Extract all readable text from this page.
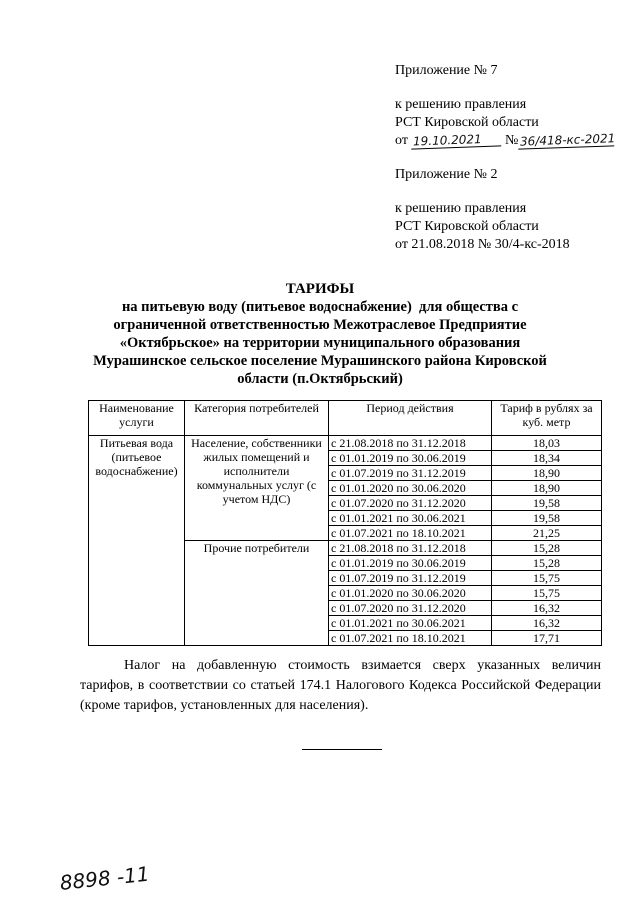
Приложение № 7
к решению правления
РСТ Кировской области
от 19.10.2021 № 36/418-кс-2021
Приложение № 2
к решению правления
РСТ Кировской области
от 21.08.2018 № 30/4-кс-2018
ТАРИФЫ
на питьевую воду (питьевое водоснабжение)  для общества с
ограниченной ответственностью Межотраслевое Предприятие
«Октябрьское» на территории муниципального образования
Мурашинское сельское поселение Мурашинского района Кировской
области (п.Октябрьский)
Наименование услуги	Категория потребителей	Период действия	Тариф в рублях за куб. метр
Питьевая вода (питьевое водоснабжение)	Население, собственники жилых помещений и исполнители коммунальных услуг (с учетом НДС)	с 21.08.2018 по 31.12.2018	18,03
		с 01.01.2019 по 30.06.2019	18,34
		с 01.07.2019 по 31.12.2019	18,90
		с 01.01.2020 по 30.06.2020	18,90
		с 01.07.2020 по 31.12.2020	19,58
		с 01.01.2021 по 30.06.2021	19,58
		с 01.07.2021 по 18.10.2021	21,25
	Прочие потребители	с 21.08.2018 по 31.12.2018	15,28
		с 01.01.2019 по 30.06.2019	15,28
		с 01.07.2019 по 31.12.2019	15,75
		с 01.01.2020 по 30.06.2020	15,75
		с 01.07.2020 по 31.12.2020	16,32
		с 01.01.2021 по 30.06.2021	16,32
		с 01.07.2021 по 18.10.2021	17,71

Налог на добавленную стоимость взимается сверх указанных величин тарифов, в соответствии со статьей 174.1 Налогового Кодекса Российской Федерации (кроме тарифов, установленных для населения).

8898 -11
